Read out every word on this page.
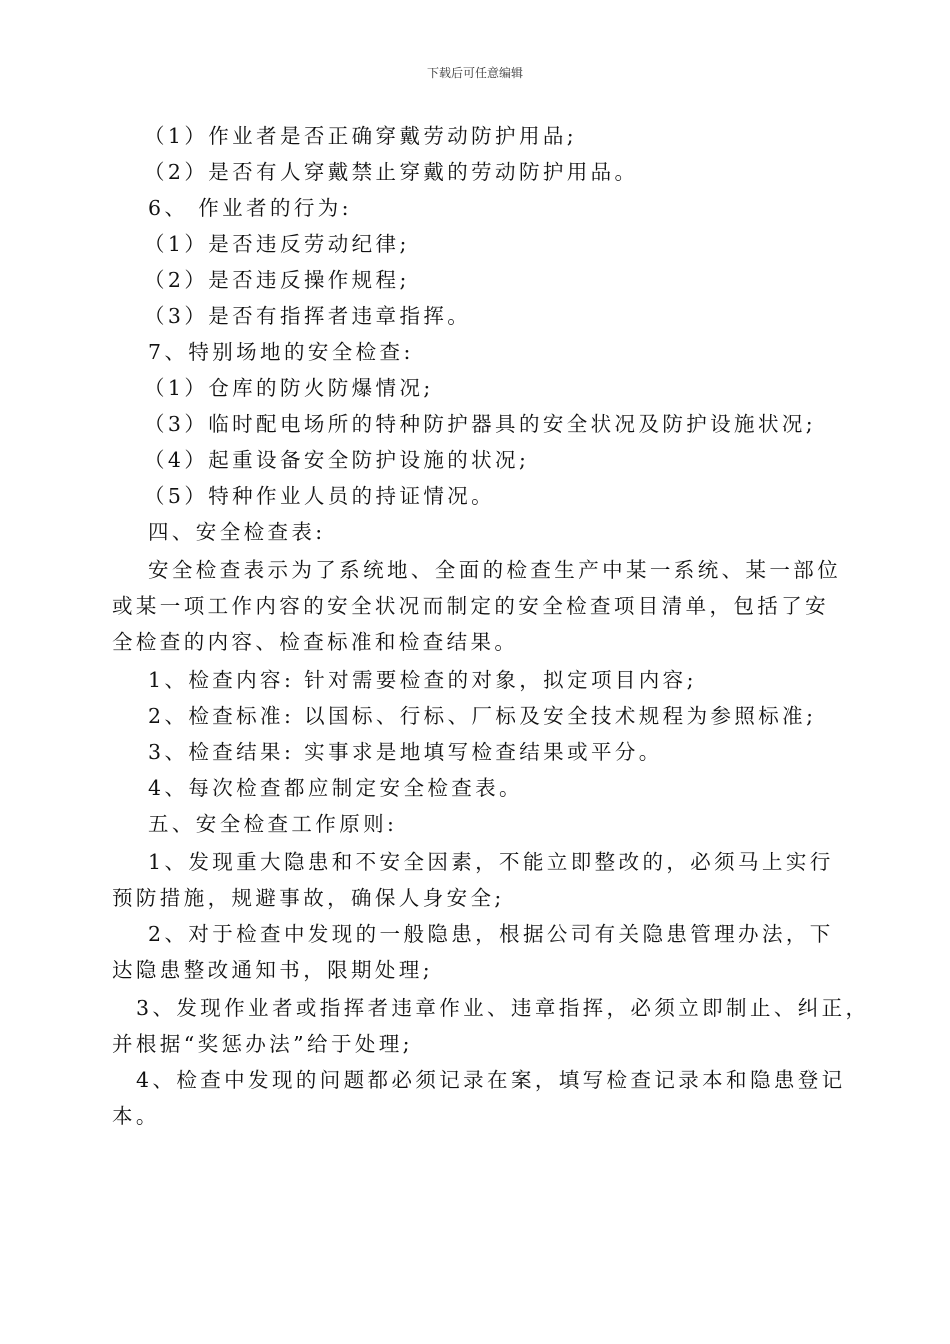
下载后可任意编辑
（1）作业者是否正确穿戴劳动防护用品;
（2）是否有人穿戴禁止穿戴的劳动防护用品。
6、 作业者的行为:
（1）是否违反劳动纪律;
（2）是否违反操作规程;
（3）是否有指挥者违章指挥。
7、特别场地的安全检查:
（1）仓库的防火防爆情况;
（3）临时配电场所的特种防护器具的安全状况及防护设施状况;
（4）起重设备安全防护设施的状况;
（5）特种作业人员的持证情况。
四、安全检查表:
安全检查表示为了系统地、全面的检查生产中某一系统、某一部位
或某一项工作内容的安全状况而制定的安全检查项目清单，包括了安
全检查的内容、检查标准和检查结果。
1、检查内容: 针对需要检查的对象，拟定项目内容;
2、检查标准: 以国标、行标、厂标及安全技术规程为参照标准;
3、检查结果: 实事求是地填写检查结果或平分。
4、每次检查都应制定安全检查表。
五、安全检查工作原则:
1、发现重大隐患和不安全因素，不能立即整改的，必须马上实行
预防措施，规避事故，确保人身安全;
2、对于检查中发现的一般隐患，根据公司有关隐患管理办法，下
达隐患整改通知书，限期处理;
3、发现作业者或指挥者违章作业、违章指挥，必须立即制止、纠正，
并根据“奖惩办法”给于处理;
4、检查中发现的问题都必须记录在案，填写检查记录本和隐患登记
本。
